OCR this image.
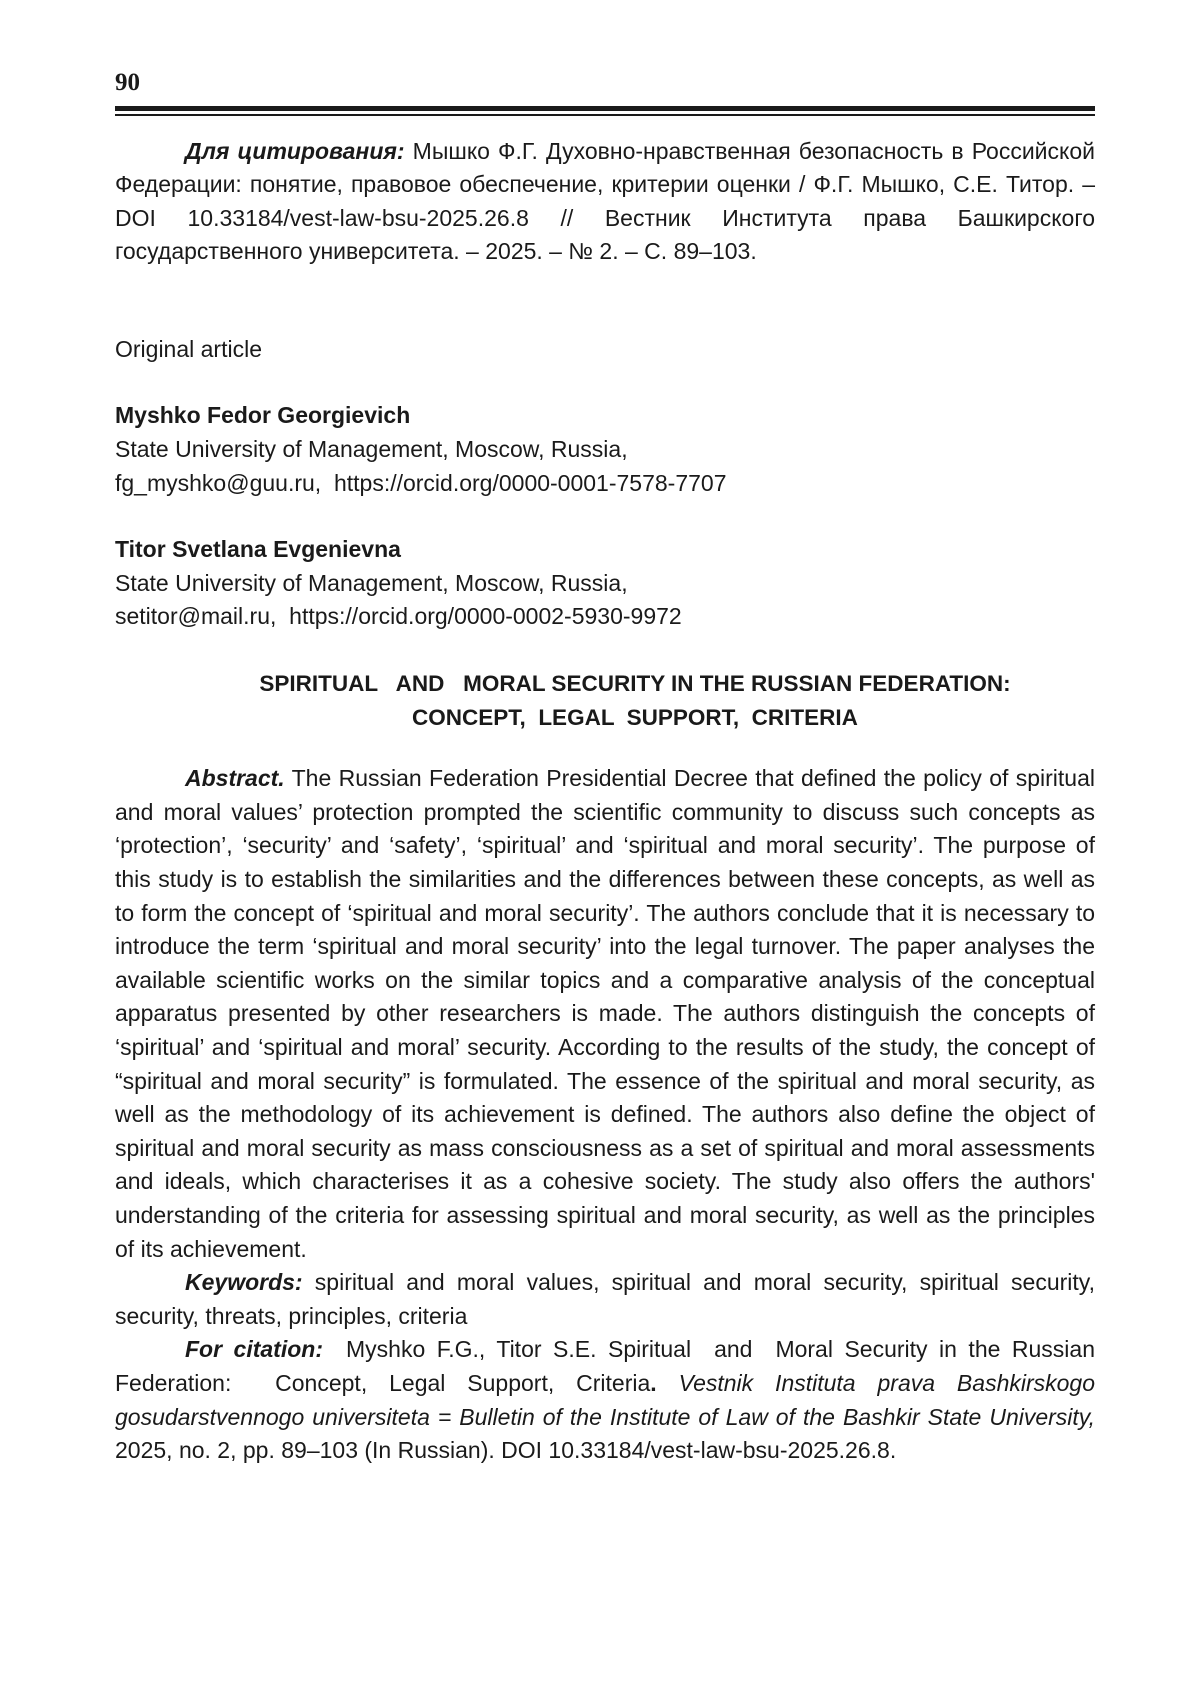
90

Для цитирования: Мышко Ф.Г. Духовно-нравственная безопасность в Российской Федерации: понятие, правовое обеспечение, критерии оценки / Ф.Г. Мышко, С.Е. Титор. – DOI 10.33184/vest-law-bsu-2025.26.8 // Вестник Института права Башкирского государственного университета. – 2025. – № 2. – С. 89–103.

Original article

Myshko Fedor Georgievich

State University of Management, Moscow, Russia,

fg_myshko@guu.ru,  https://orcid.org/0000-0001-7578-7707

Titor Svetlana Evgenievna

State University of Management, Moscow, Russia,

setitor@mail.ru,  https://orcid.org/0000-0002-5930-9972

SPIRITUAL   AND   MORAL SECURITY IN THE RUSSIAN FEDERATION:

CONCEPT,  LEGAL  SUPPORT,  CRITERIA

Abstract. The Russian Federation Presidential Decree that defined the policy of spiritual and moral values’ protection prompted the scientific community to discuss such concepts as ‘protection’, ‘security’ and ‘safety’, ‘spiritual’ and ‘spiritual and moral security’. The purpose of this study is to establish the similarities and the differences between these concepts, as well as to form the concept of ‘spiritual and moral security’. The authors conclude that it is necessary to introduce the term ‘spiritual and moral security’ into the legal turnover. The paper analyses the available scientific works on the similar topics and a comparative analysis of the conceptual apparatus presented by other researchers is made. The authors distinguish the concepts of ‘spiritual’ and ‘spiritual and moral’ security. According to the results of the study, the concept of “spiritual and moral security” is formulated. The essence of the spiritual and moral security, as well as the methodology of its achievement is defined. The authors also define the object of spiritual and moral security as mass consciousness as a set of spiritual and moral assessments and ideals, which characterises it as a cohesive society. The study also offers the authors' understanding of the criteria for assessing spiritual and moral security, as well as the principles of its achievement.

Keywords: spiritual and moral values, spiritual and moral security, spiritual security, security, threats, principles, criteria

For citation:  Myshko F.G., Titor S.E. Spiritual  and  Moral Security in the Russian Federation:  Concept, Legal Support, Criteria. Vestnik Instituta prava Bashkirskogo gosudarstvennogo universiteta = Bulletin of the Institute of Law of the Bashkir State University, 2025, no. 2, pp. 89–103 (In Russian). DOI 10.33184/vest-law-bsu-2025.26.8.
